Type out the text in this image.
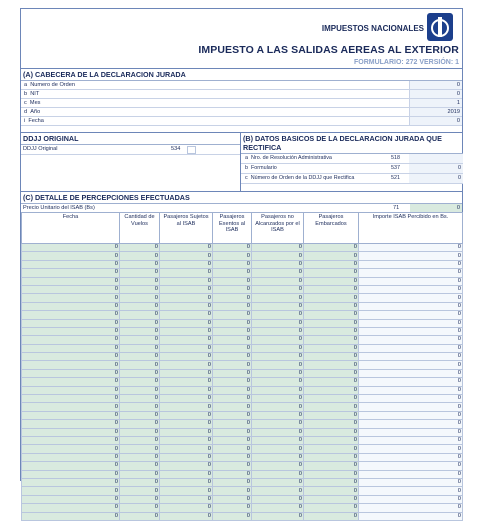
IMPUESTOS NACIONALES
IMPUESTO A LAS SALIDAS AEREAS AL EXTERIOR
FORMULARIO: 272 VERSIÓN: 1
(A) CABECERA DE LA DECLARACION JURADA
a Numero de Orden	0
b NIT	0
c Mes	1
d Año	2019
i Fecha	0
DDJJ ORIGINAL
DDJJ Original	534
(B) DATOS BASICOS DE LA DECLARACION JURADA QUE RECTIFICA
a Nro. de Resolución Administrativa	518
b Formulario	537	0
c Número de Orden de la DDJJ que Rectifica	521	0
(C) DETALLE DE PERCEPCIONES EFECTUADAS
Precio Unitario del ISAB (Bs)	71	0
Fecha	Cantidad de Vuelos	Pasajeros Sujetos al ISAB	Pasajeros Exentos al ISAB	Pasajeros no Alcanzados por el ISAB	Pasajeros Embarcados	Importe ISAB Percibido en Bs.
0	0	0	0	0	0	0
0	0	0	0	0	0	0
0	0	0	0	0	0	0
0	0	0	0	0	0	0
0	0	0	0	0	0	0
0	0	0	0	0	0	0
0	0	0	0	0	0	0
0	0	0	0	0	0	0
0	0	0	0	0	0	0
0	0	0	0	0	0	0
0	0	0	0	0	0	0
0	0	0	0	0	0	0
0	0	0	0	0	0	0
0	0	0	0	0	0	0
0	0	0	0	0	0	0
0	0	0	0	0	0	0
0	0	0	0	0	0	0
0	0	0	0	0	0	0
0	0	0	0	0	0	0
0	0	0	0	0	0	0
0	0	0	0	0	0	0
0	0	0	0	0	0	0
0	0	0	0	0	0	0
0	0	0	0	0	0	0
0	0	0	0	0	0	0
0	0	0	0	0	0	0
0	0	0	0	0	0	0
0	0	0	0	0	0	0
0	0	0	0	0	0	0
0	0	0	0	0	0	0
0	0	0	0	0	0	0
0	0	0	0	0	0	0
0	0	0	0	0	0	0
